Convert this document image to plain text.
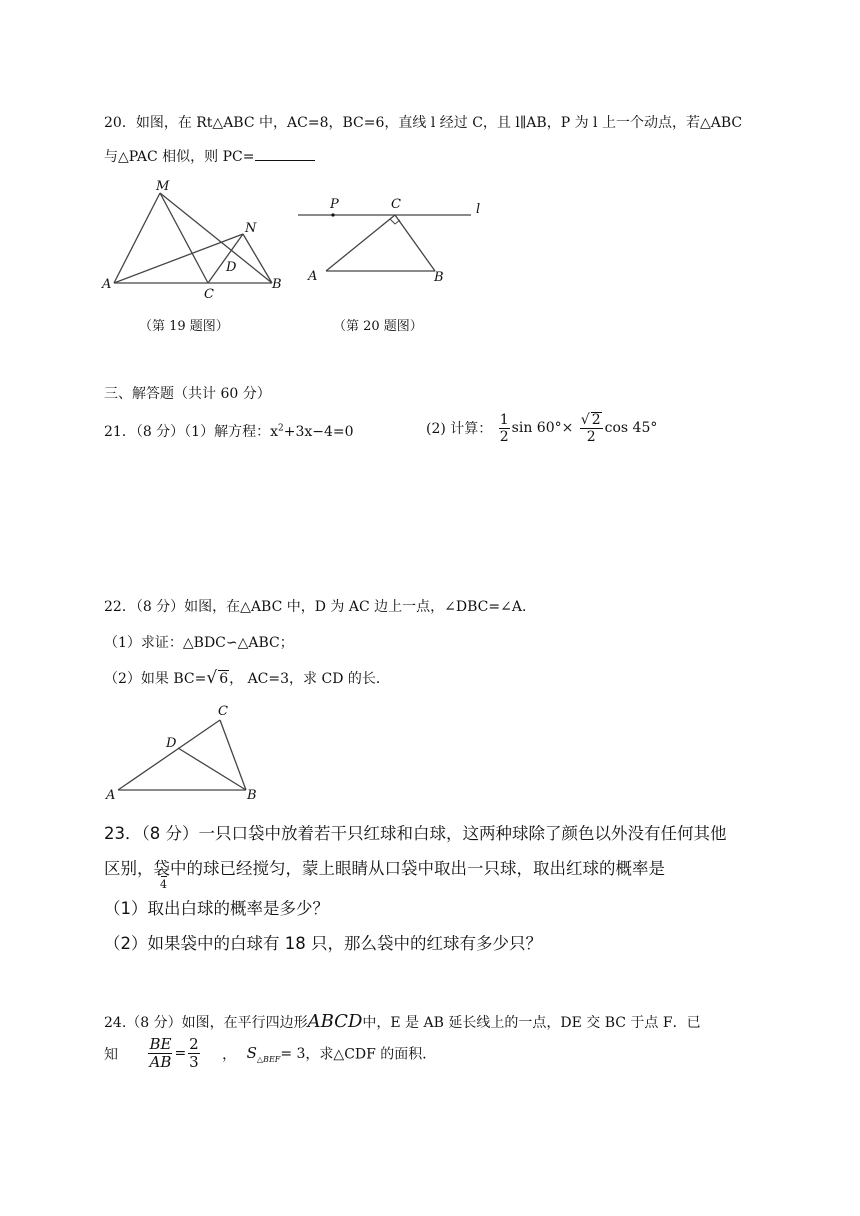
20．如图，在 Rt△ABC 中，AC=8，BC=6，直线 l 经过 C，且 l∥AB，P 为 l 上一个动点，若△ABC
与△PAC 相似，则 PC=
M
N
D
A
C
B
P	C	l
A	B
（第 19 题图）	（第 20 题图）
三、解答题（共计 60 分）
21．（8 分）（1）解方程：$x^2+3x-4=0$	(2) 计算： $\frac{1}{2}$ $\sin 60^\circ\times \frac{√ 2}{2}$ cos 45°
22．（8 分）如图，在△ABC 中，D 为 AC 边上一点，∠DBC=∠A．
（1）求证：△BDC∽△ABC；
（2）如果 BC=√ 6， AC=3，求 CD 的长．
C
D
A	B
23．（8 分）一只口袋中放着若干只红球和白球，这两种球除了颜色以外没有任何其他
区别，袋中的球已经搅匀，蒙上眼睛从口袋中取出一只球，取出红球的概率是
4
（1）取出白球的概率是多少？
（2）如果袋中的白球有 18 只，那么袋中的红球有多少只？
24.（8 分）如图，在平行四边形ABCD中，E 是 AB 延长线上的一点，DE 交 BC 于点 F．已
知 $\frac{BE}{AB} = \frac{2}{3}$ ， $S_{\triangle BEF}= 3$，求△CDF 的面积．
